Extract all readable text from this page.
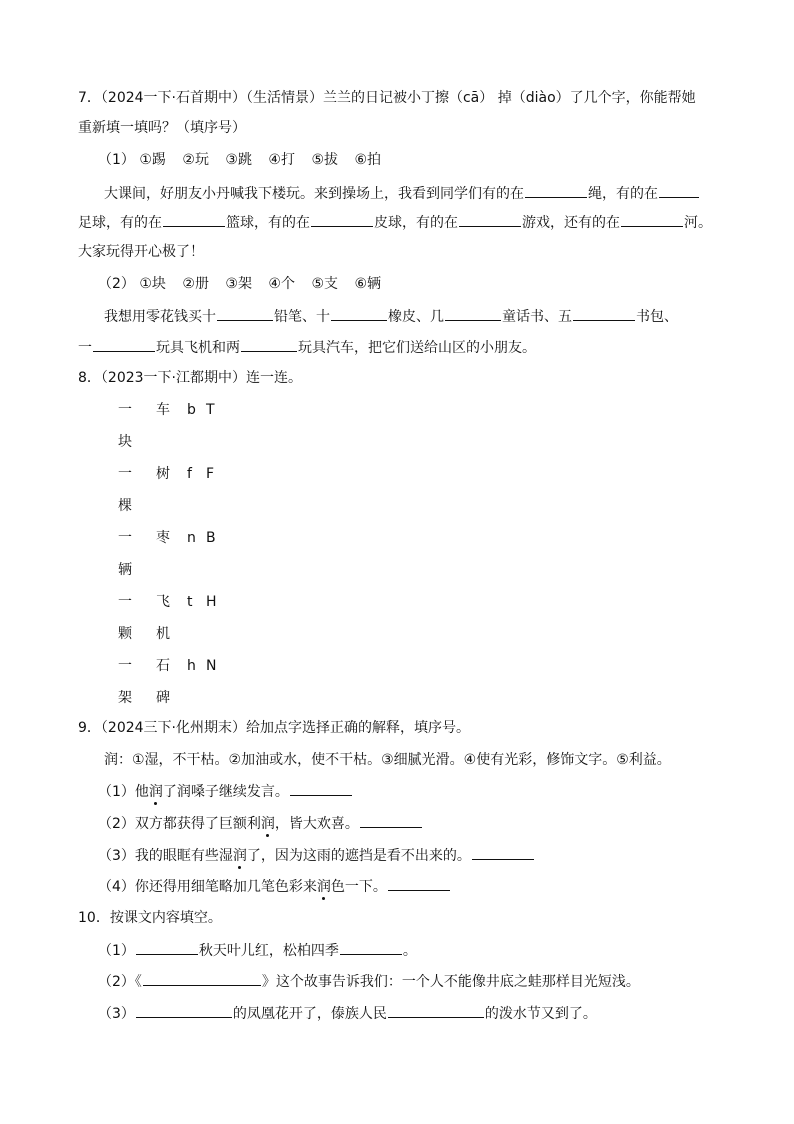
7．（2024一下·石首期中）（生活情景）兰兰的日记被小丁擦（cā） 掉（diào）了几个字，你能帮她
重新填一填吗？（填序号）
（1） ①踢 ②玩 ③跳 ④打 ⑤拔 ⑥拍
大课间，好朋友小丹喊我下楼玩。来到操场上，我看到同学们有的在	绳，有的在
足球，有的在	篮球，有的在	皮球，有的在	游戏，还有的在	河。
大家玩得开心极了！
（2） ①块 ②册 ③架 ④个 ⑤支 ⑥辆
我想用零花钱买十	铅笔、十	橡皮、几	童话书、五	书包、
一	玩具飞机和两	玩具汽车，把它们送给山区的小朋友。
8．（2023一下·江都期中）连一连。
一 车 b T
块
一 树 f F
棵
一 枣 n B
辆
一 飞 t H
颗 机
一 石 h N
架 碑
9．（2024三下·化州期末）给加点字选择正确的解释，填序号。
润：①湿，不干枯。②加油或水，使不干枯。③细腻光滑。④使有光彩，修饰文字。⑤利益。
（1）他润了润嗓子继续发言。
（2）双方都获得了巨额利润，皆大欢喜。
（3）我的眼眶有些湿润了，因为这雨的遮挡是看不出来的。
（4）你还得用细笔略加几笔色彩来润色一下。
10．按课文内容填空。
（1）	秋天叶儿红，松柏四季	。
（2）《	》这个故事告诉我们：一个人不能像井底之蛙那样目光短浅。
（3）	的凤凰花开了，傣族人民	的泼水节又到了。
